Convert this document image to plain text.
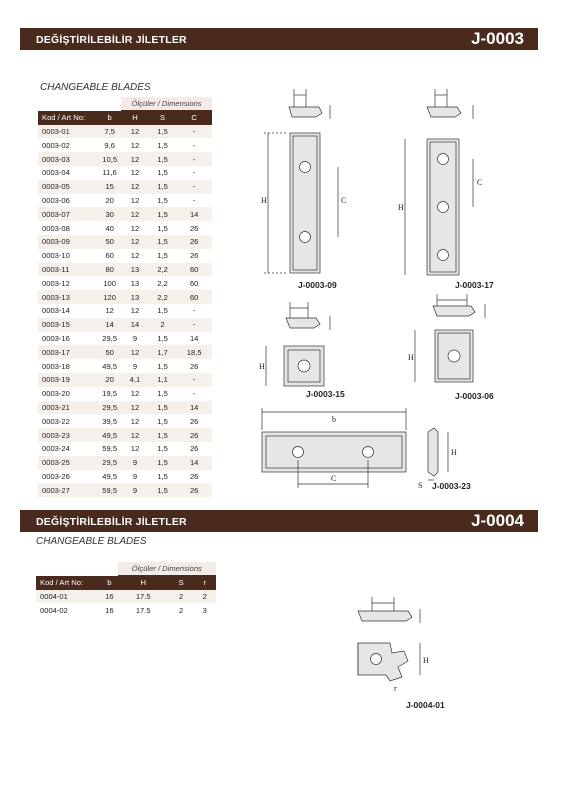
DEĞİŞTİRİLEBİLİR JİLETLER	J-0003
CHANGEABLE BLADES
		Ölçüler / Dimensions		
Kod / Art No:	b	H	S	C
0003-01	7,5	12	1,5	-
0003-02	9,6	12	1,5	-
0003-03	10,5	12	1,5	-
0003-04	11,6	12	1,5	-
0003-05	15	12	1,5	-
0003-06	20	12	1,5	-
0003-07	30	12	1,5	14
0003-08	40	12	1,5	26
0003-09	50	12	1,5	26
0003-10	60	12	1,5	26
0003-11	80	13	2,2	60
0003-12	100	13	2,2	60
0003-13	120	13	2,2	60
0003-14	12	12	1,5	-
0003-15	14	14	2	-
0003-16	29,5	9	1,5	14
0003-17	50	12	1,7	18,5
0003-18	49,5	9	1,5	26
0003-19	20	4,1	1,1	-
0003-20	19,5	12	1,5	-
0003-21	29,5	12	1,5	14
0003-22	39,5	12	1,5	26
0003-23	49,5	12	1,5	26
0003-24	59,5	12	1,5	26
0003-25	29,5	9	1,5	14
0003-26	49,5	9	1,5	26
0003-27	59,5	9	1,5	26
H	C
J-0003-09
H
C
J-0003-17
H
J-0003-15
H
J-0003-06
b
C
H
S J-0003-23
DEĞİŞTİRİLEBİLİR JİLETLER	J-0004
CHANGEABLE BLADES
		Ölçüler / Dimensions		
Kod / Art No:	b	H	S	r
0004-01	16	17.5	2	2
0004-02	16	17.5	2	3
H
r
J-0004-01
